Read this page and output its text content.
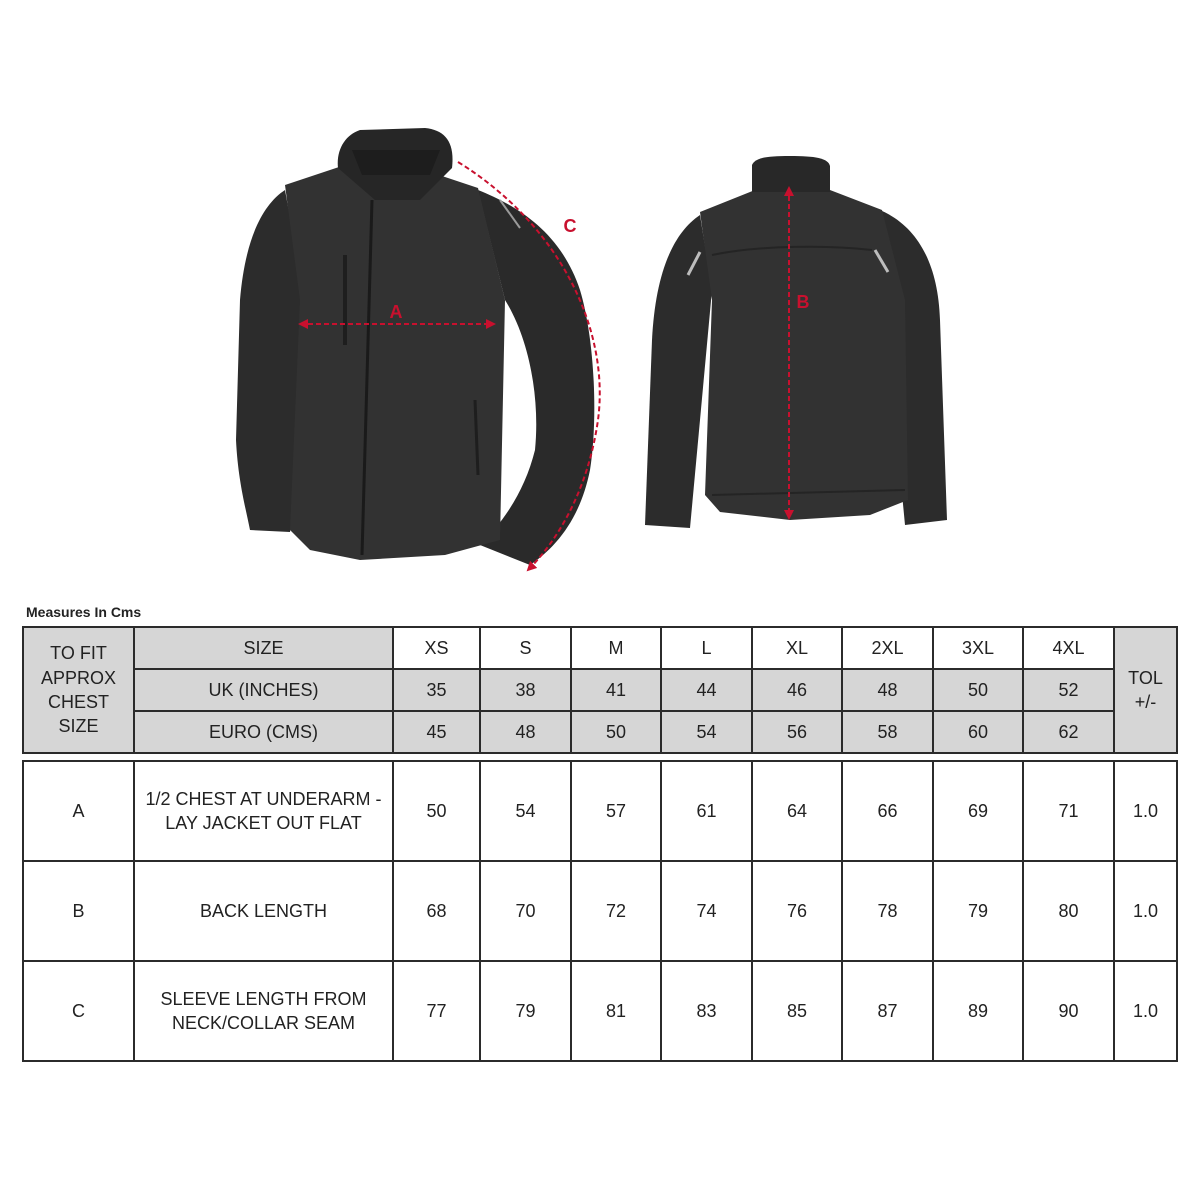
A	B
C
Measures In Cms
TO FIT APPROX CHEST SIZE	SIZE	XS	S	M	L	XL	2XL	3XL	4XL	TOL +/-
	UK (INCHES)	35	38	41	44	46	48	50	52	
	EURO (CMS)	45	48	50	54	56	58	60	62	

A	1/2 CHEST AT UNDERARM - LAY JACKET OUT FLAT	50	54	57	61	64	66	69	71	1.0
B	BACK LENGTH	68	70	72	74	76	78	79	80	1.0
C	SLEEVE LENGTH FROM NECK/COLLAR SEAM	77	79	81	83	85	87	89	90	1.0
